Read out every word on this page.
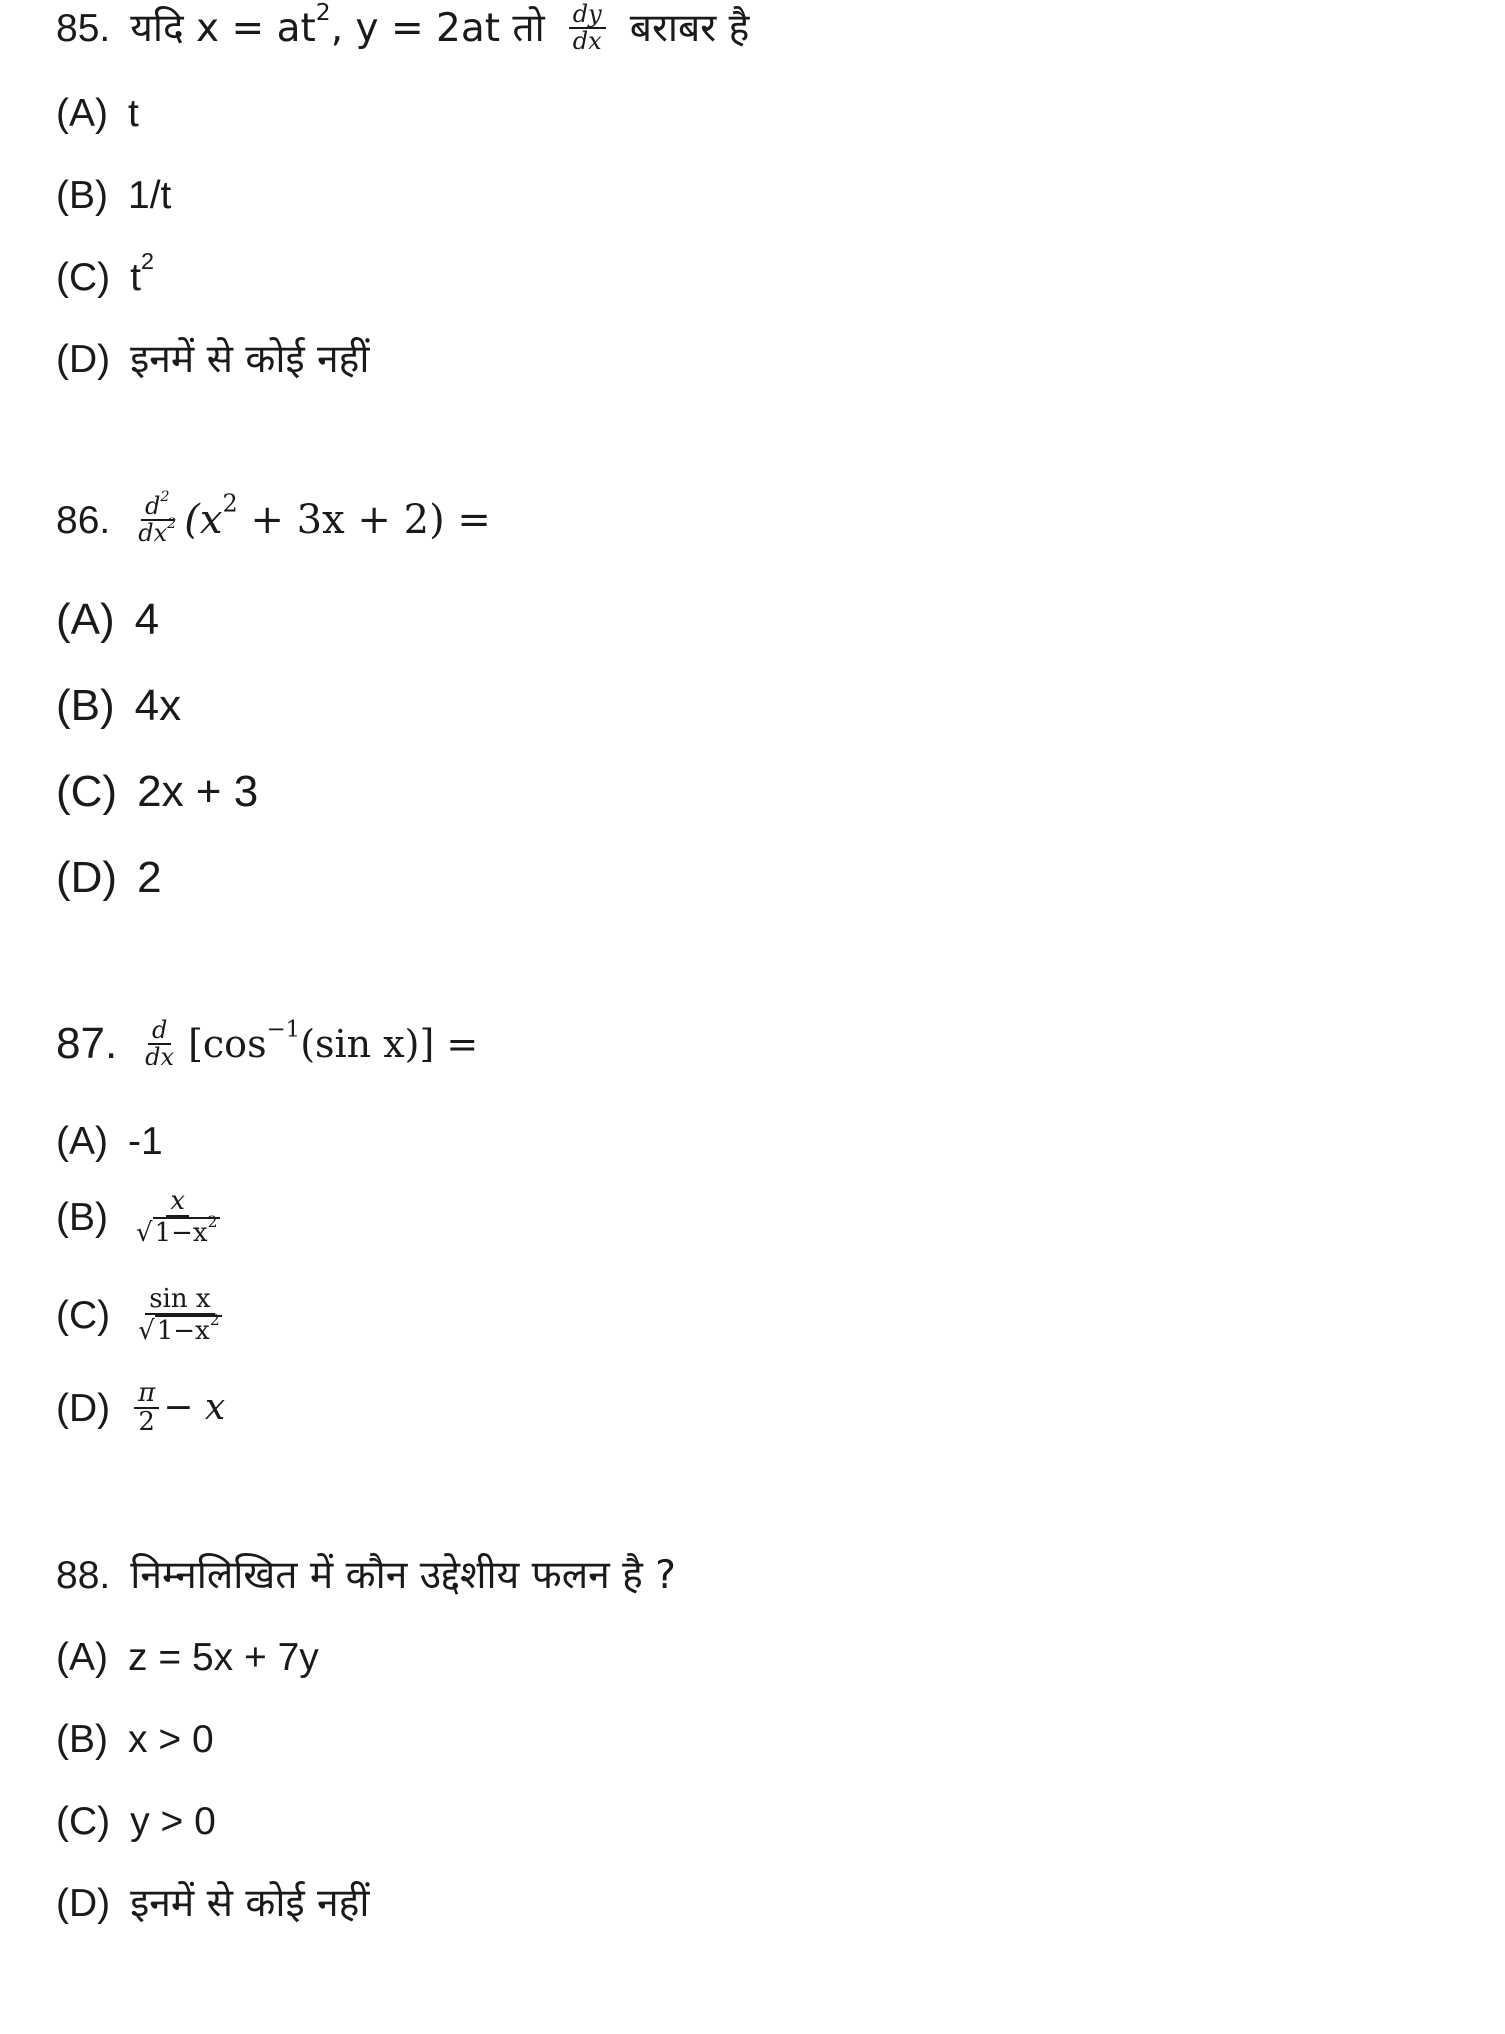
85. यदि $x = at^2$, y = 2at तो $\frac{dy}{dx}$ बराबर है
(A) t
(B) 1/t
(C) $t^2$
(D) इनमें से कोई नहीं
86. $\frac{d^2}{dx^2} (x^2 + 3x + 2)$ =
(A) 4
(B) 4x
(C) 2x + 3
(D) 2
87. $\frac{d}{dx} [\cos^{-1}(\sin$ x)] =
(A) -1
$(B) \frac{x}{√ 1-x^2}$
$(C) \frac{\text{sin x}}{√ 1-x^2}$
$(D) \frac{\pi}{2} - x$
88. निम्नलिखित में कौन उद्देशीय फलन है ?
(A) z = 5x + 7y
(B) x > 0
(C) y > 0
(D) इनमें से कोई नहीं
